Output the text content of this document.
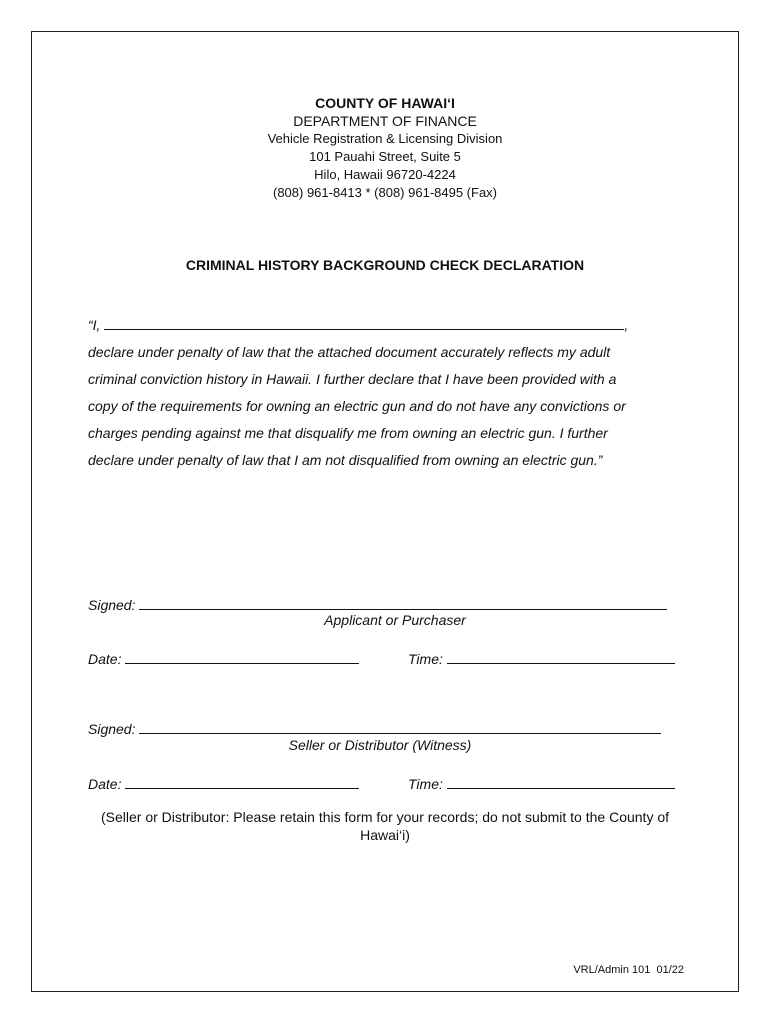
COUNTY OF HAWAI‘I
DEPARTMENT OF FINANCE
Vehicle Registration & Licensing Division
101 Pauahi Street, Suite 5
Hilo, Hawaii 96720-4224
(808) 961-8413 * (808) 961-8495 (Fax)
CRIMINAL HISTORY BACKGROUND CHECK DECLARATION
“I,	,
declare under penalty of law that the attached document accurately reflects my adult
criminal conviction history in Hawaii. I further declare that I have been provided with a
copy of the requirements for owning an electric gun and do not have any convictions or
charges pending against me that disqualify me from owning an electric gun. I further
declare under penalty of law that I am not disqualified from owning an electric gun.”
Signed:
Applicant or Purchaser
Date:	Time:
Signed:
Seller or Distributor (Witness)
Date:	Time:
(Seller or Distributor: Please retain this form for your records; do not submit to the County of Hawai‘i)
VRL/Admin 101  01/22
